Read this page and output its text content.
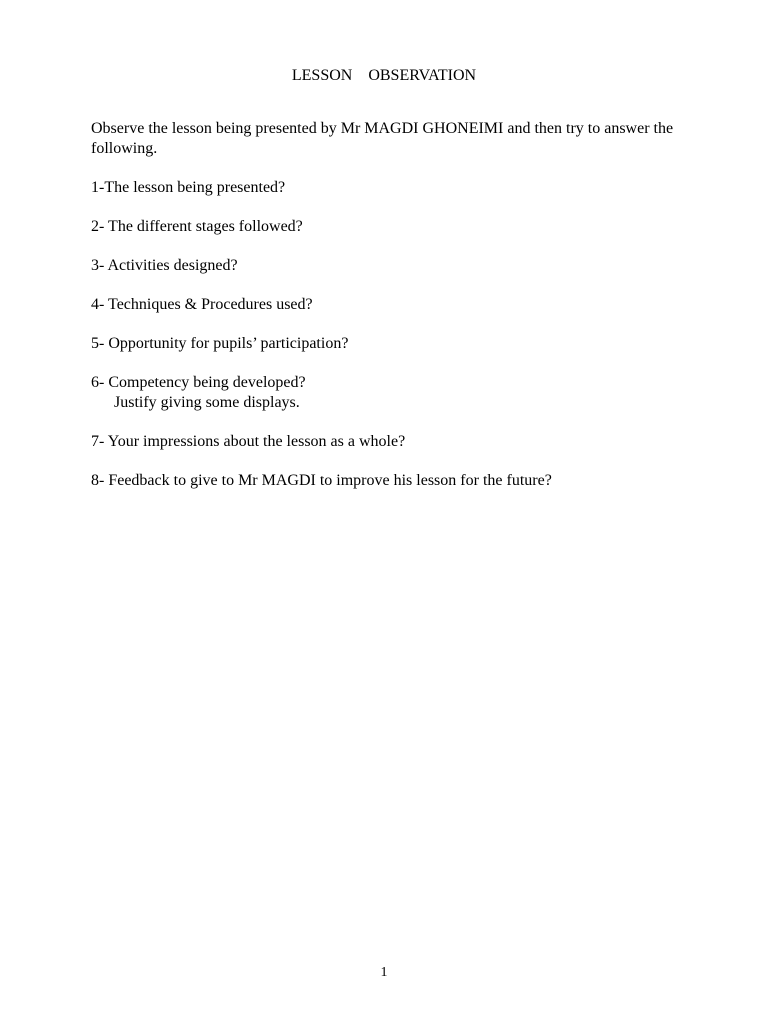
LESSON    OBSERVATION

Observe the lesson being presented by Mr MAGDI GHONEIMI and then try to answer the following.

1-The lesson being presented?

2- The different stages followed?

3- Activities designed?

4- Techniques & Procedures used?

5- Opportunity for pupils’ participation?

6- Competency being developed?

Justify giving some displays.

7- Your impressions about the lesson as a whole?

8- Feedback to give to Mr MAGDI to improve his lesson for the future?

1
